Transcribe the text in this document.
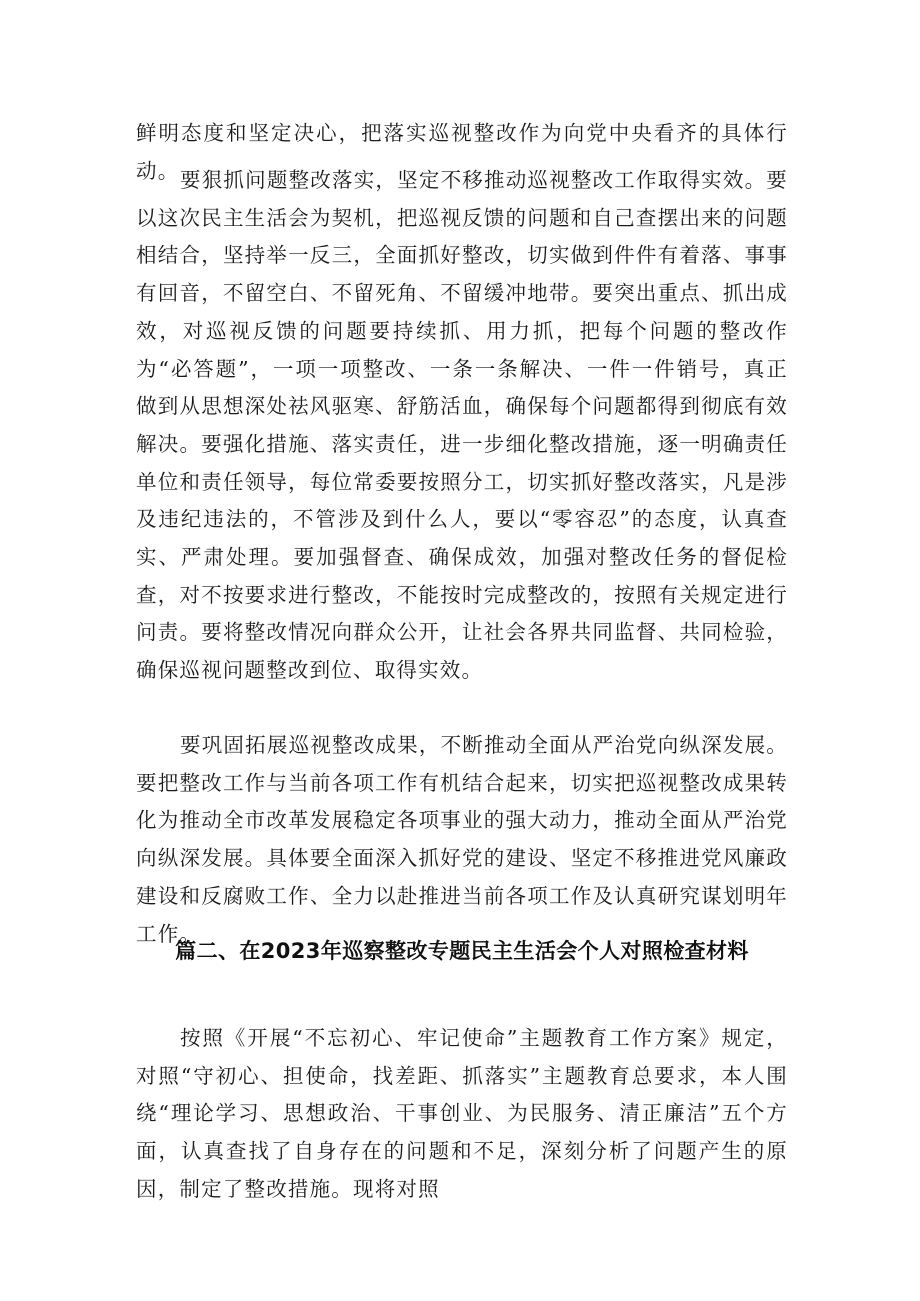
鲜明态度和坚定决心，把落实巡视整改作为向党中央看齐的具体行动。 要狠抓问题整改落实，坚定不移推动巡视整改工作取得实效。要以这次民主生活会为契机，把巡视反馈的问题和自己查摆出来的问题相结合，坚持举一反三，全面抓好整改，切实做到件件有着落、事事有回音，不留空白、不留死角、不留缓冲地带。要突出重点、抓出成效，对巡视反馈的问题要持续抓、用力抓，把每个问题的整改作为“必答题”，一项一项整改、一条一条解决、一件一件销号，真正做到从思想深处祛风驱寒、舒筋活血，确保每个问题都得到彻底有效解决。要强化措施、落实责任，进一步细化整改措施，逐一明确责任单位和责任领导，每位常委要按照分工，切实抓好整改落实，凡是涉及违纪违法的，不管涉及到什么人，要以“零容忍”的态度，认真查实、严肃处理。要加强督查、确保成效，加强对整改任务的督促检查，对不按要求进行整改，不能按时完成整改的，按照有关规定进行问责。要将整改情况向群众公开，让社会各界共同监督、共同检验，确保巡视问题整改到位、取得实效。

要巩固拓展巡视整改成果，不断推动全面从严治党向纵深发展。要把整改工作与当前各项工作有机结合起来，切实把巡视整改成果转化为推动全市改革发展稳定各项事业的强大动力，推动全面从严治党向纵深发展。具体要全面深入抓好党的建设、坚定不移推进党风廉政建设和反腐败工作、全力以赴推进当前各项工作及认真研究谋划明年工作。

篇二、在2023年巡察整改专题民主生活会个人对照检查材料

按照《开展“不忘初心、牢记使命”主题教育工作方案》规定，对照“守初心、担使命，找差距、抓落实”主题教育总要求，本人围绕“理论学习、思想政治、干事创业、为民服务、清正廉洁”五个方面，认真查找了自身存在的问题和不足，深刻分析了问题产生的原因，制定了整改措施。现将对照
